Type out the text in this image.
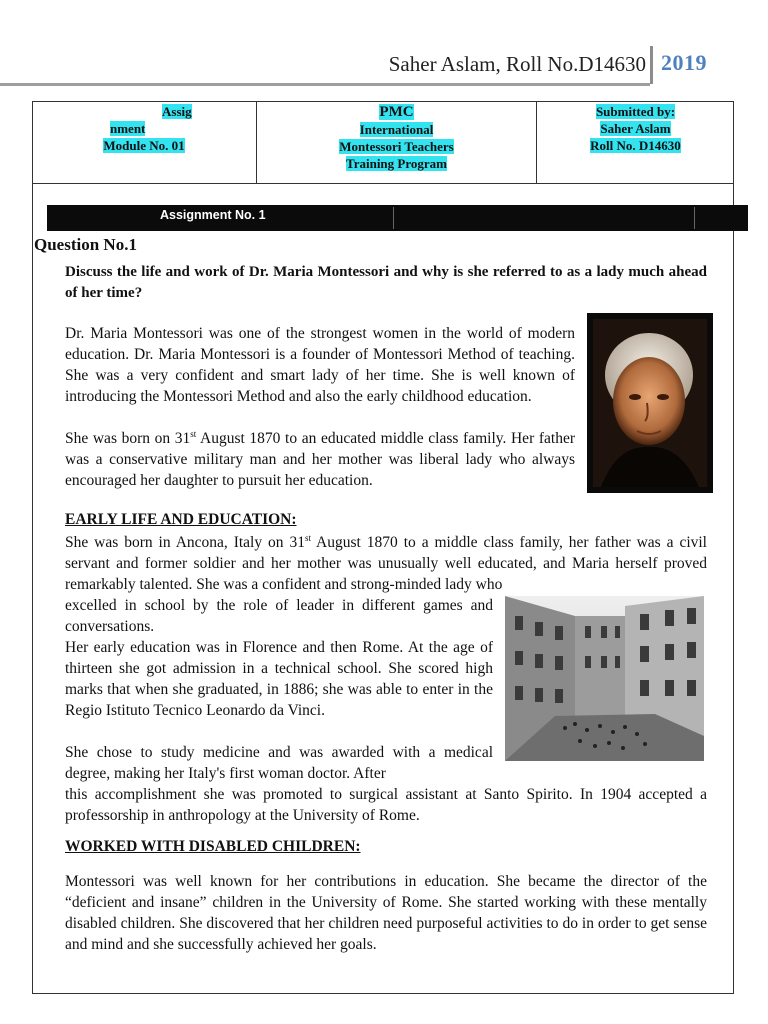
Saher Aslam, Roll No.D14630 2019
Assig
nment
Module No. 01
PMC
International
Montessori Teachers
Training Program
Submitted by:
Saher Aslam
Roll No. D14630
Assignment No. 1
Question No.1
Discuss the life and work of Dr. Maria Montessori and why is she referred to as a lady much ahead of her time?
Dr. Maria Montessori was one of the strongest women in the world of modern education. Dr. Maria Montessori is a founder of Montessori Method of teaching. She was a very confident and smart lady of her time. She is well known of introducing the Montessori Method and also the early childhood education.
She was born on 31st August 1870 to an educated middle class family. Her father was a conservative military man and her mother was liberal lady who always encouraged her daughter to pursuit her education.
EARLY LIFE AND EDUCATION:
She was born in Ancona, Italy on 31st August 1870 to a middle class family, her father was a civil servant and former soldier and her mother was unusually well educated, and Maria herself proved remarkably talented. She was a confident and strong-minded lady who
excelled in school by the role of leader in different games and conversations.
Her early education was in Florence and then Rome. At the age of thirteen she got admission in a technical school. She scored high marks that when she graduated, in 1886; she was able to enter in the Regio Istituto Tecnico Leonardo da Vinci.
She chose to study medicine and was awarded with a medical degree, making her Italy's first woman doctor. After
this accomplishment she was promoted to surgical assistant at Santo Spirito. In 1904 accepted a professorship in anthropology at the University of Rome.
WORKED WITH DISABLED CHILDREN:
Montessori was well known for her contributions in education. She became the director of the “deficient and insane” children in the University of Rome. She started working with these mentally disabled children. She discovered that her children need purposeful activities to do in order to get sense and mind and she successfully achieved her goals.
